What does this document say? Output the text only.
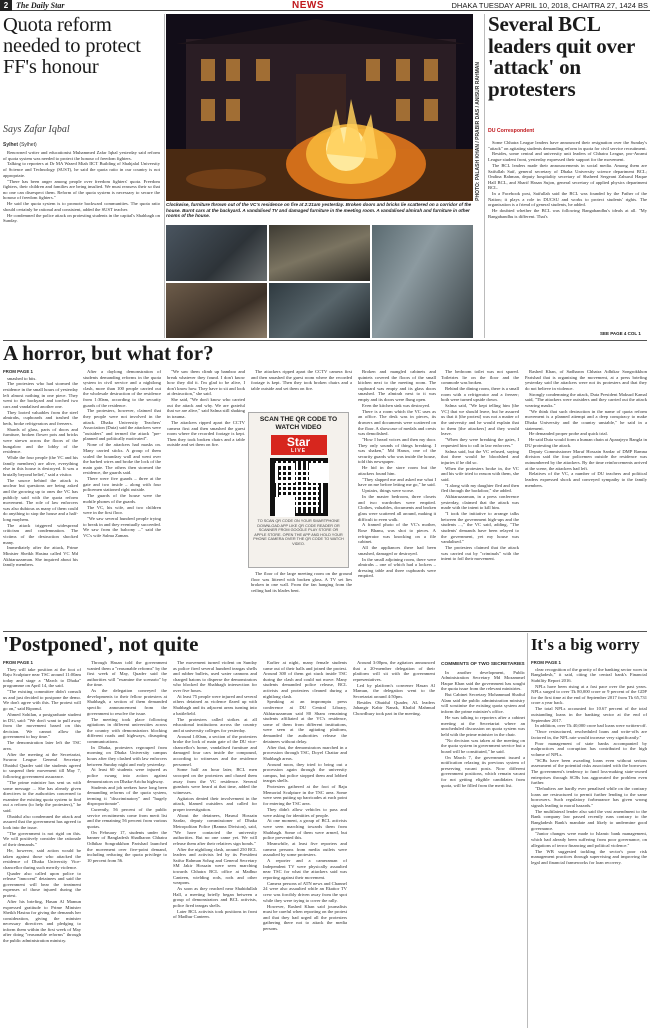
2 The Daily Star	NEWS	DHAKA TUESDAY APRIL 10, 2018, CHAITRA 27, 1424 BS
Quota reform needed to protect FF's honour
Says Zafar Iqbal
Sylhet (Sylhet)

Renowned writer and educationist Muhammed Zafar Iqbal yesterday said reform of quota system was needed to protect the honour of freedom fighters.

Talking to reporters at Dr MA Wazed Miah IICT Building of Shahjalal University of Science and Technology (SUST), he said the quota ratio in our country is not appropriate.

"There has been anger among people over freedom fighters' quota. Freedom fighters, their children and families are being insulted. We must reassess their so that no one can disrespect them. Reform of the quota system is necessary to secure the honour of freedom fighters."

He said the quota system is to promote backward communities. The quota ratio should certainly be rational and consistent, added the SUST teacher.

He condemned the police attack on protesting students in the capital's Shahbagh on Sunday.

PHOTO: PALASH KHAN / PRABIR DAS / ANISUR RAHMAN
Clockwise, furniture thrown out of the VC's residence on fire at 2:21am yesterday. Broken doors and bricks lie scattered on a corridor of the house. Burnt cars at the backyard. A vandalised TV and damaged furniture in the meeting room. A vandalised almirah and furniture in other rooms of the house.
Several BCL leaders quit over 'attack' on protesters
DU Correspondent

Some Chhatra League leaders have announced their resignation over the Sunday's "attack" on agitating students demanding reform in quota for civil service recruitment.

Besides, some central and university unit leaders of Chhatra League, pro-Awami League student front, yesterday expressed their support for the movement.

The BCL leaders made their announcements in social media. Among them are Saifullah Saif, general secretary of Dhaka University science department BCL; Ondina Rahman, deputy hospitality secretary of Shaheed Sergeant Zahurul Haque Hall BCL, and Sharif Hasan Sujon, general secretary of applied physics department BCL.

In a Facebook post, Saifullah said the BCL was founded by the Father of the Nation; it plays a role in DUCSU and works to protect students' rights. The organisation is a friend of general students, he added.

He doubted whether the BCL was following Bangabandhu's ideals at all. "My Bangabandhu is different. That's

SEE PAGE 4 COL 1
A horror, but what for?
FROM PAGE 1

smashed to bits.

The protesters who had stormed the residence in the small hours of yesterday left almost nothing in one piece. They went to the backyard and torched two cars and vandalised another one.

They looted valuables from the steel almirahs, cupboards and trashed the beds, broke refrigerators and freezers.

Shards of glass, parts of doors and furniture, broken flower pots and bricks were strewn across the floors of the bungalow and the lobby of the residence.

While the four people (the VC and his family members) are alive, everything else in this house is destroyed. It was a brutally beyond belief," said a visitor.

The source behind the attack is unclear but questions are being asked and the growing up to ones the VC has publicly said with the quota reform movement. The role of law enforcers was also dubious as many of them could do anything to stop the house and a half-long mayhem.

The attack triggered widespread criticism and condemnation. The victims of the destruction shocked many.

Immediately after the attack, Prime Minister Sheikh Hasina called VC Md Akhtaruzzaman. She inquired about his family members.

After a daylong demonstration of students demanding reforms in the quota system in civil service and a nightlong clash, more than 100 people carried out the wholesale destruction of the residence from 1:30am, according to the security guards of the residence.

The protesters, however, claimed that they people were not involved in the attack. Dhaka University Teachers' Association (Duta) said the attackers were "outsiders" and termed the attack "pre-planned and politically motivated".

None of the attackers had masks on. Many carried sticks. A group of them scaled the boundary wall and went over the barbed wires and broke the lock of the main gate. The others then stormed the residence, the guards said.

There were five guards – three at the gate and two inside – along with four policemen stationed right outside.

The guards of the house were the mobile phones of the guards.

The VC, his wife, and two children were in the first floor.

"We saw several hundred people trying to break in and they eventually succeeded. We saw from the balcony ..." said the VC's wife Salma Zaman.

"We saw them climb up bamboo and break whatever they found. I don't know how they did it. I'm glad to be alive, I don't know how. They have to sit and look at destruction," she said.

She said, "We don't know who carried out the attack and why. We are grateful that we are alive," said Salma still shaking in trauma.

The attackers ripped apart the CCTV camera first and then smashed the guest room where the recorded footage is kept. Then they took broken chairs and a table outside and set them on fire.

The attackers ripped apart the CCTV camera first and then smashed the guest room where the recorded footage is kept. Then they took broken chairs and a table outside and set them on fire.

The floor of the large meeting room on the ground floor was littered with broken glass. A TV set lies broken in one wall. From the fan hanging from the ceiling had its blades bent.

Broken and mangled cabinets and quintets covered the floors of the small kitchen next to the meeting room. The cupboard was empty and its glass doors smashed. The almirah next to it was empty and its doors were flung open.

Even the kitchen sink was destroyed.

There is a room which the VC uses as an office. The desk was in pieces, its drawers and documents were scattered on the floor. A showcase of medals and crests was demolished.

"How I heard voices and then my door. They only sounds of things breaking. I was shaken," Md Harun, one of the security guards who was inside the house, told this newspaper.

He hid in the store room but the attackers found him.

"They slapped me and asked me what I have on me before letting me go," he said.

Upstairs, things were worse.

In the master bedroom, three closets and two wardrobes were emptied. Clothes, valuables, documents and broken glass were scattered all around, making it difficult to even walk.

A framed photo of the VC's mother, Rose Bhanu, was shot to pieces. A refrigerator was knocking on a file cabinet.

All the appliances there had been smashed, damaged or destroyed.

In the small adjoining room, there were almirahs – one of which had a lockers – dressing table and three cupboards were emptied.

The bedroom toilet was not spared. Toiletries lie on the floor and the commode was broken.

Behind the dining room, there is a small room with a refrigerator and a freezer; both were turned upside down.

Salma said, "We kept telling him [the VC] that we should leave, but he assured us that it [the protest] was not a matter of the university and he would explain that to them [the attackers] and they would leave.

"When they were breaking the gates, I requested him to call in law enforcers."

Salma said, but the VC refused, saying that there would be bloodshed and injuries if he did so.

When the protesters broke in, the VC and his wife tried to reason with them, she said.

"I along with my daughter fled and then fled through the backdoor," she added.

Akhtaruzzaman, in a press conference yesterday, claimed that the attack was made with the intent to kill him.

"I took the initiative to arrange talks between the government high-ups and the students ...," the VC said, adding, "The students' demands have been relayed to the government, yet my house was vandalised."

The protesters claimed that the attack was carried out by "criminals" with the intent to foil their movement.

Rashed Khan, of Sadharon Chhatra Adhikar Songrokkhon Parishad that is organising the movement, at a press briefing yesterday said the attackers were not its protesters and that they do not believe in violence.

Strongly condemning the attack, Duta President Maksud Kamal said, "The attackers were outsiders and they carried out the attack wearing masks."

"We think that such destruction in the name of quota reform movement is a planned attempt and a deep conspiracy to make Dhaka University and the country unstable," he said in a statement.

He demanded proper probe and quick trial.

He said Duta would form a human chain at Aparajeyo Bangla in DU protesting the attack.

Deputy Commissioner Maruf Hossain Sardar of DMP Ramna division said the four policemen outside the residence was outnumbered by the attackers. By the time reinforcements arrived at the scene, the attackers had left.

Relatives of the VC, a number of DU teachers and political leaders expressed shock and conveyed sympathy to the family members.

SCAN THE QR CODE TO WATCH VIDEO
Star
LIVE
TO SCAN QR CODE ON YOUR SMARTPHONE DOWNLOAD APP LIKE QR CODE READER OR SCANNER FROM GOOGLE PLAY STORE OR APPLE STORE. OPEN THE APP AND HOLD YOUR PHONE CAMERA OVER THE QR CODE TO WATCH VIDEO.
'Postponed', not quite
FROM PAGE 1

They will take position at the foot of Raju Sculpture near TSC around 11:00am today and stage a "March to Dhaka" programme on April 14, the said.

"The existing committee didn't consult us and just decided to postpone the demo. We don't agree with this. The protest will go on," said Riponul.

Ahmed Sohilan, a postgraduate student in DU, said: "We don't want to pull away from the movement based on this decision. We cannot allow the government to buy time."

The demonstration later left the TSC area.

After the meeting at the Secretariat, Swaroz League General Secretary Obaidul Quader said the students agreed to suspend their movement till May 7, following government assurance.

"The prime minister has sent us with some message ... She has already given directives to the authorities concerned to examine the existing quota system to find out a reform (to help the protesters)," he said.

Obaidul also condemned the attack and assured that the government has agreed to look into the issue.

"The government is not rigid on this. We will positively consider the rationale of their demands."

He, however, said action would be taken against those who attacked the residence of Dhaka University Vice-chancellor during such merrily violence.

Quader also called upon police to release "innocent" detainees and said the government will bear the treatment expenses of those injured during the protest.

After his briefing, Hasan Al Mamun expressed gratitude to Prime Minister Sheikh Hasina for giving the demands her consideration, giving the minister necessary directives and pledging to inform them within the first week of May after doing "reasonable reforms" through the public administration ministry.

Through Hasan told the government wanted them a "reasonable reforms" by the first week of May, Quader said the authorities will "examine the scenario" by the time.

As the delegation conveyed the developments to their fellow protesters at Shahbagh, a section of them demanded specific announcement from the government to resolve the issue.

The meeting took place following agitations in different universities across the country with demonstrators blocking different roads and highways, disrupting communications.

In Dhaka, protesters regrouped from morning on Dhaka University campus hours after they clashed with law enforcers between Sunday night and early yesterday.

At least 60 students were injured as police swung into action against demonstrators on Dhaka-Aricha highway.

Students and job seekers have long been demanding reforms of the quota system, terming it "discriminatory" and "hugely disproportionate".

Currently, 56 percent of the public service recruitments come from merit list and the remaining 56 percent from various quotas.

On February 17, students under the banner of Bangladesh Shadharon Chhatra Odhikar Songrakkhon Parishad launched the movement over five-point demand, including reducing the quota privilege to 10 percent from 56.

The movement turned violent on Sunday as police fired several hundred teargas shells and rubber bullets, used water cannons and charged batons to disperse the demonstrators who blocked the Shahbagh intersection for over five hours.

At least 75 people were injured and several others detained as violence flared up with Shahbagh and its adjacent areas turning into a battlefield.

The protesters called strikes at all educational institutions across the country and at university colleges for yesterday.

Around 1:00am, a section of the protesters broke the lock of main gate of the DU vice-chancellor's home, vandalised furniture and damaged four cars inside the compound, according to witnesses and the residence personnel.

Some half an hour later, BCL men swooped on the protesters and chased them away from the VC residence. Several gunshots were heard at that time, added the witnesses.

Agitators denied their involvement in the attack, blamed outsiders and called for proper investigation.

About the detainees, Hasnul Hossain Sardar, deputy commissioner of Dhaka Metropolitan Police (Ramna Division), said, "We have contacted the university authorities. But no one came yet. We will release them after their relatives sign bonds."

After the nightlong clash, around 250 BCL leaders and activists led by its President Saifur Rahman Sohag and General Secretary SM Jakir Hossain were seen marching towards Chhatra BCL office at Madhur Canteen, wielding rods, rods and other weapons.

As soon as they reached near Shahidullah Hall, a meeting briefly began between a group of demonstrators and BCL activists, police fired teargas shells.

Later BCL activists took positions in front of Madhur Canteen.

Earlier at night, many female students came out of their halls and joined the protest. Around 300 of them got stuck inside TSC during the clash and could not move. Many students demanded police release, BCL activists and protesters cleaned during a nightlong clash.

Speaking at an impromptu press conference at DU Central Library, Akhtaruzzaman said 80 Sham remaining students affiliated at the VC's residence, some of them from different institutions, were seen at the agitating platform, demanded the authorities release the detainees without delay.

After that, the demonstrators marched in a procession through TSC, Doyel Chattar and Shahbagh areas.

Around noon, they tried to bring out a procession again through the university campus, but police stopped them and lobbed teargas shells.

Protesters gathered at the foot of Raju Memorial Sculpture in the TSC area. Some were seen putting up barricades at each point for entering the TSC area.

They didn't allow vehicles to pass and were asking for identities of people.

At one moment, a group of BCL activists were seen marching towards them from Shahbagh. Some of them were armed, but police prevented this.

Meanwhile, at least five reporters and camera persons from media outlets were assaulted by some protesters.

A reporter and a cameraman of Independent TV were physically assaulted near TSC for what the attackers said was reporting against their movement.

Camera persons of ATN news and Channel 24 were also assaulted while an Ekattor TV crew was forcibly driven away from the spot while they were trying to cover the rally.

However, Rashed Khan said journalists must be careful when reporting on the protest and that they had urged all the protesters gathering there not to attack the media persons.

Around 3:00pm, the agitators announced that a 20-member delegation of their platform will sit with the government representatives.

Led by platform's convener Hasan Al Mamun, the delegation went to the Secretariat around 4:50pm.

Besides Obaidul Quader, AL leaders Jahangir Kabir Nanak, Khalid Mahmud Chowdhury took part in the meeting.

COMMENTS OF TWO SECRETARIES

In another development, Public Administration Secretary Md Mozammel Haque Khan said the government has sought the quota issue from the relevant ministries.

But Cabinet Secretary Mohammad Shafiul Alam said the public administration ministry will scrutinise the existing quota system and inform the prime minister's office.

He was talking to reporters after a cabinet meeting at the Secretariat where an unscheduled discussion on quota system was held with the prime minister in the chair.

"No decision was taken at the meeting on the quota system in government service but a board will be constituted," he said.

On March 7, the government issued a notification relaxing its previous system of preserving vacant posts. Now different government positions, which remain vacant for not getting eligible candidates from quota, will be filled from the merit list.

It's a big worry
FROM PAGE 1

clear recognition of the gravity of the banking sector woes in Bangladesh," it said, citing the central bank's Financial Stability Report 2016.

NPLs have been rising at a fast pace over the past years. NPLs surged to over Tk 80,000 crore or 9 percent of the GDP for the first time at the end of September 2017 from Tk 65,731 crore a year back.

The total NPLs accounted for 10.67 percent of the total outstanding loans in the banking sector at the end of September 2017.

In addition, over Tk 40,000 crore bad loans were written-off.

"Once restructured, rescheduled loans and write-offs are factored in, the NPL rate would increase very significantly."

Poor management of state banks accompanied by malpractices and corruption has contributed to the high volume of NPLs.

"SCBs have been awarding loans even without serious assessment of the potential risks associated with the borrower. The government's tendency to fund loss-making state-owned enterprises through SCBs has aggravated the problem even further.

"Defaulters are hardly ever penalised while on the contrary loans are restructured to permit further lending to the same borrowers. Such regulatory forbearance has given wrong signals leading to moral hazards."

The multilateral lender also said the vast amendment to the Bank company law passed recently runs contrary to the Bangladesh Bank's mandate and likely to undermine good governance.

"Junior changes were made to Islamic bank management, which had already been suffering from poor governance, on allegations of terror financing and political violence."

The WB suggested tackling the sector's poor risk management practices through supervising and improving the legal and financial frameworks for loan recovery.
